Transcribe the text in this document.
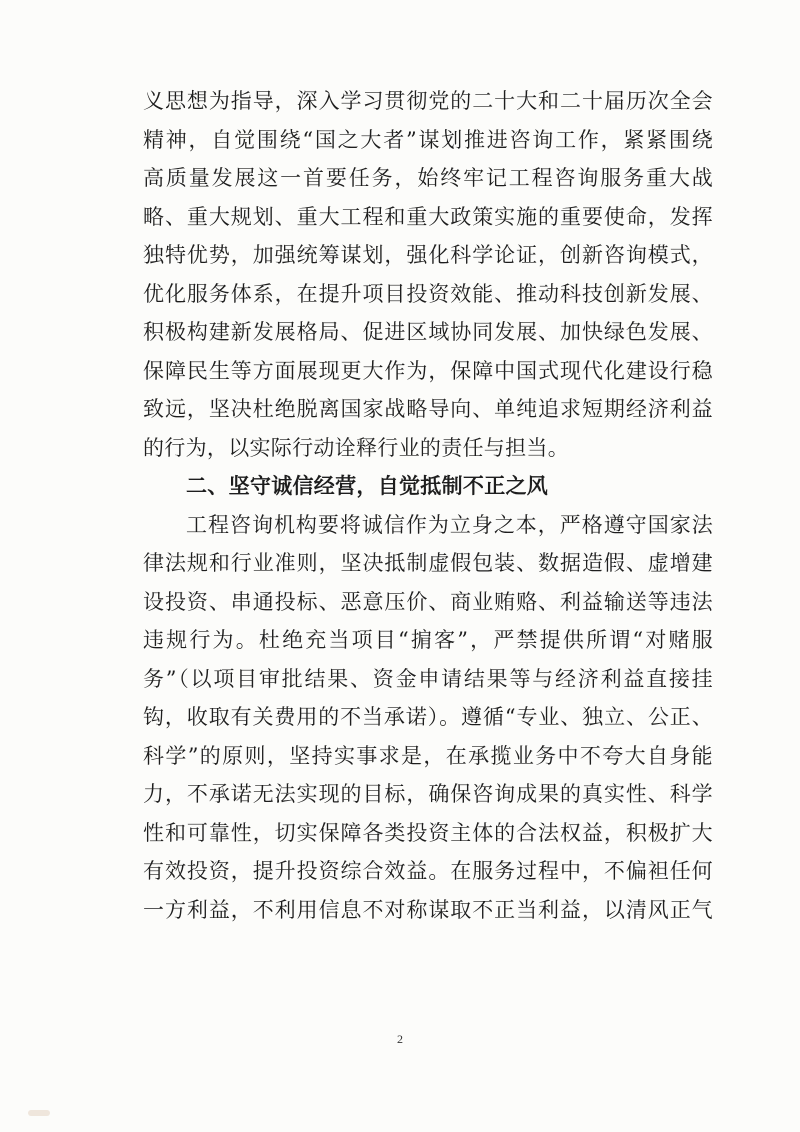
义思想为指导，深入学习贯彻党的二十大和二十届历次全会
精神，自觉围绕“国之大者”谋划推进咨询工作，紧紧围绕
高质量发展这一首要任务，始终牢记工程咨询服务重大战
略、重大规划、重大工程和重大政策实施的重要使命，发挥
独特优势，加强统筹谋划，强化科学论证，创新咨询模式，
优化服务体系，在提升项目投资效能、推动科技创新发展、
积极构建新发展格局、促进区域协同发展、加快绿色发展、
保障民生等方面展现更大作为，保障中国式现代化建设行稳
致远，坚决杜绝脱离国家战略导向、单纯追求短期经济利益
的行为，以实际行动诠释行业的责任与担当。
二、坚守诚信经营，自觉抵制不正之风
工程咨询机构要将诚信作为立身之本，严格遵守国家法
律法规和行业准则，坚决抵制虚假包装、数据造假、虚增建
设投资、串通投标、恶意压价、商业贿赂、利益输送等违法
违规行为。杜绝充当项目“掮客”，严禁提供所谓“对赌服
务”（以项目审批结果、资金申请结果等与经济利益直接挂
钩，收取有关费用的不当承诺）。遵循“专业、独立、公正、
科学”的原则，坚持实事求是，在承揽业务中不夸大自身能
力，不承诺无法实现的目标，确保咨询成果的真实性、科学
性和可靠性，切实保障各类投资主体的合法权益，积极扩大
有效投资，提升投资综合效益。在服务过程中，不偏袒任何
一方利益，不利用信息不对称谋取不正当利益，以清风正气
2
